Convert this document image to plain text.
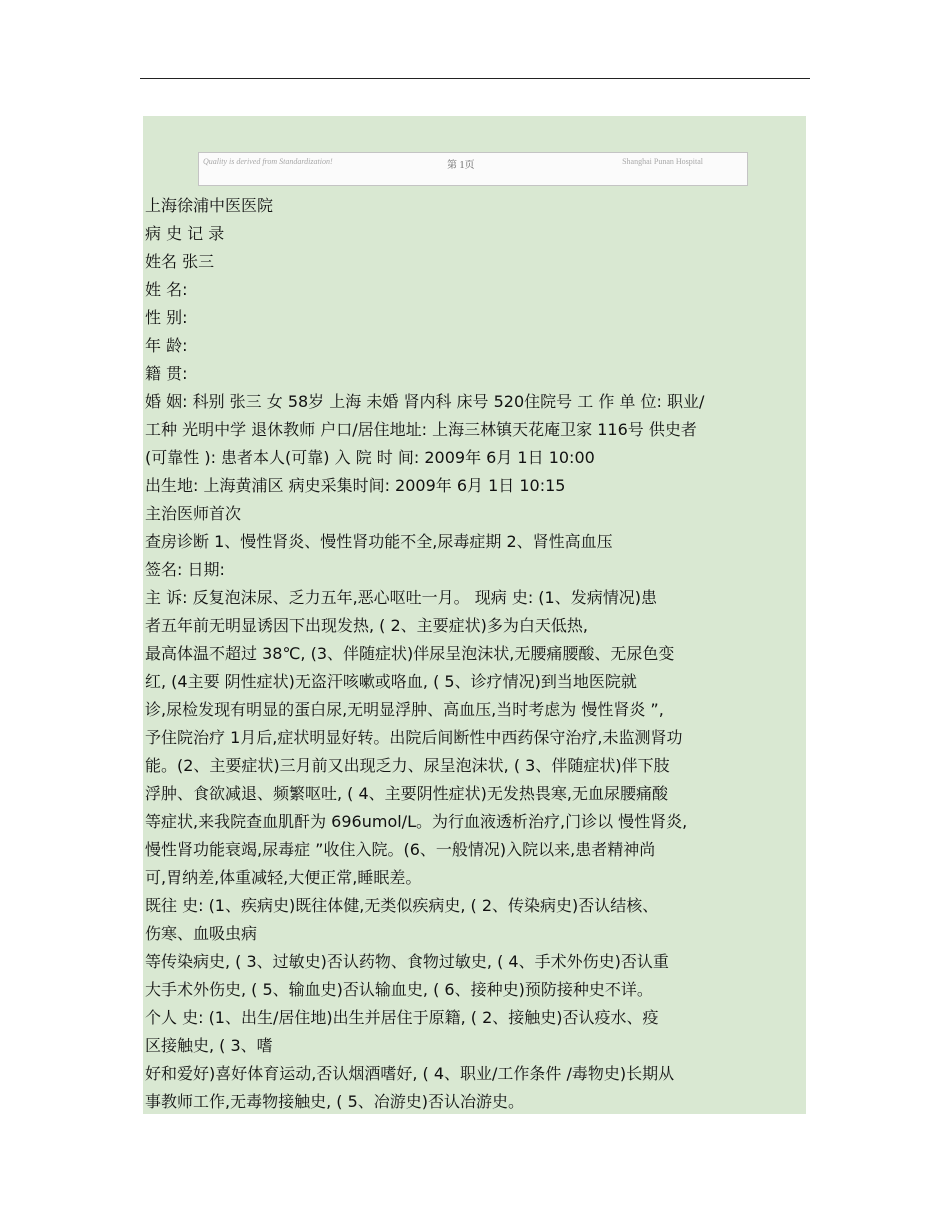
Quality is derived from Standardization!	第 1页	Shanghai Punan Hospital
上海徐浦中医医院
病 史 记 录
姓名 张三
姓 名:
性 别:
年 龄:
籍 贯:
婚 姻: 科别 张三 女 58岁 上海 未婚 肾内科 床号 520住院号 工 作 单 位: 职业/
工种 光明中学 退休教师 户口/居住地址: 上海三林镇天花庵卫家 116号 供史者
(可靠性 ): 患者本人(可靠) 入 院 时 间: 2009年 6月 1日 10:00
出生地: 上海黄浦区 病史采集时间: 2009年 6月 1日 10:15
主治医师首次
查房诊断 1、慢性肾炎、慢性肾功能不全,尿毒症期 2、肾性高血压
签名: 日期:
主 诉: 反复泡沫尿、乏力五年,恶心呕吐一月。 现病 史: (1、发病情况)患
者五年前无明显诱因下出现发热, ( 2、主要症状)多为白天低热,
最高体温不超过 38℃, (3、伴随症状)伴尿呈泡沫状,无腰痛腰酸、无尿色变
红, (4主要 阴性症状)无盗汗咳嗽或咯血, ( 5、诊疗情况)到当地医院就
诊,尿检发现有明显的蛋白尿,无明显浮肿、高血压,当时考虑为 慢性肾炎 ”,
予住院治疗 1月后,症状明显好转。出院后间断性中西药保守治疗,未监测肾功
能。(2、主要症状)三月前又出现乏力、尿呈泡沫状, ( 3、伴随症状)伴下肢
浮肿、食欲减退、频繁呕吐, ( 4、主要阴性症状)无发热畏寒,无血尿腰痛酸
等症状,来我院查血肌酐为 696umol/L。为行血液透析治疗,门诊以 慢性肾炎,
慢性肾功能衰竭,尿毒症 ”收住入院。(6、一般情况)入院以来,患者精神尚
可,胃纳差,体重减轻,大便正常,睡眠差。
既往 史: (1、疾病史)既往体健,无类似疾病史, ( 2、传染病史)否认结核、
伤寒、血吸虫病
等传染病史, ( 3、过敏史)否认药物、食物过敏史, ( 4、手术外伤史)否认重
大手术外伤史, ( 5、输血史)否认输血史, ( 6、接种史)预防接种史不详。
个人 史: (1、出生/居住地)出生并居住于原籍, ( 2、接触史)否认疫水、疫
区接触史, ( 3、嗜
好和爱好)喜好体育运动,否认烟酒嗜好, ( 4、职业/工作条件 /毒物史)长期从
事教师工作,无毒物接触史, ( 5、冶游史)否认冶游史。
